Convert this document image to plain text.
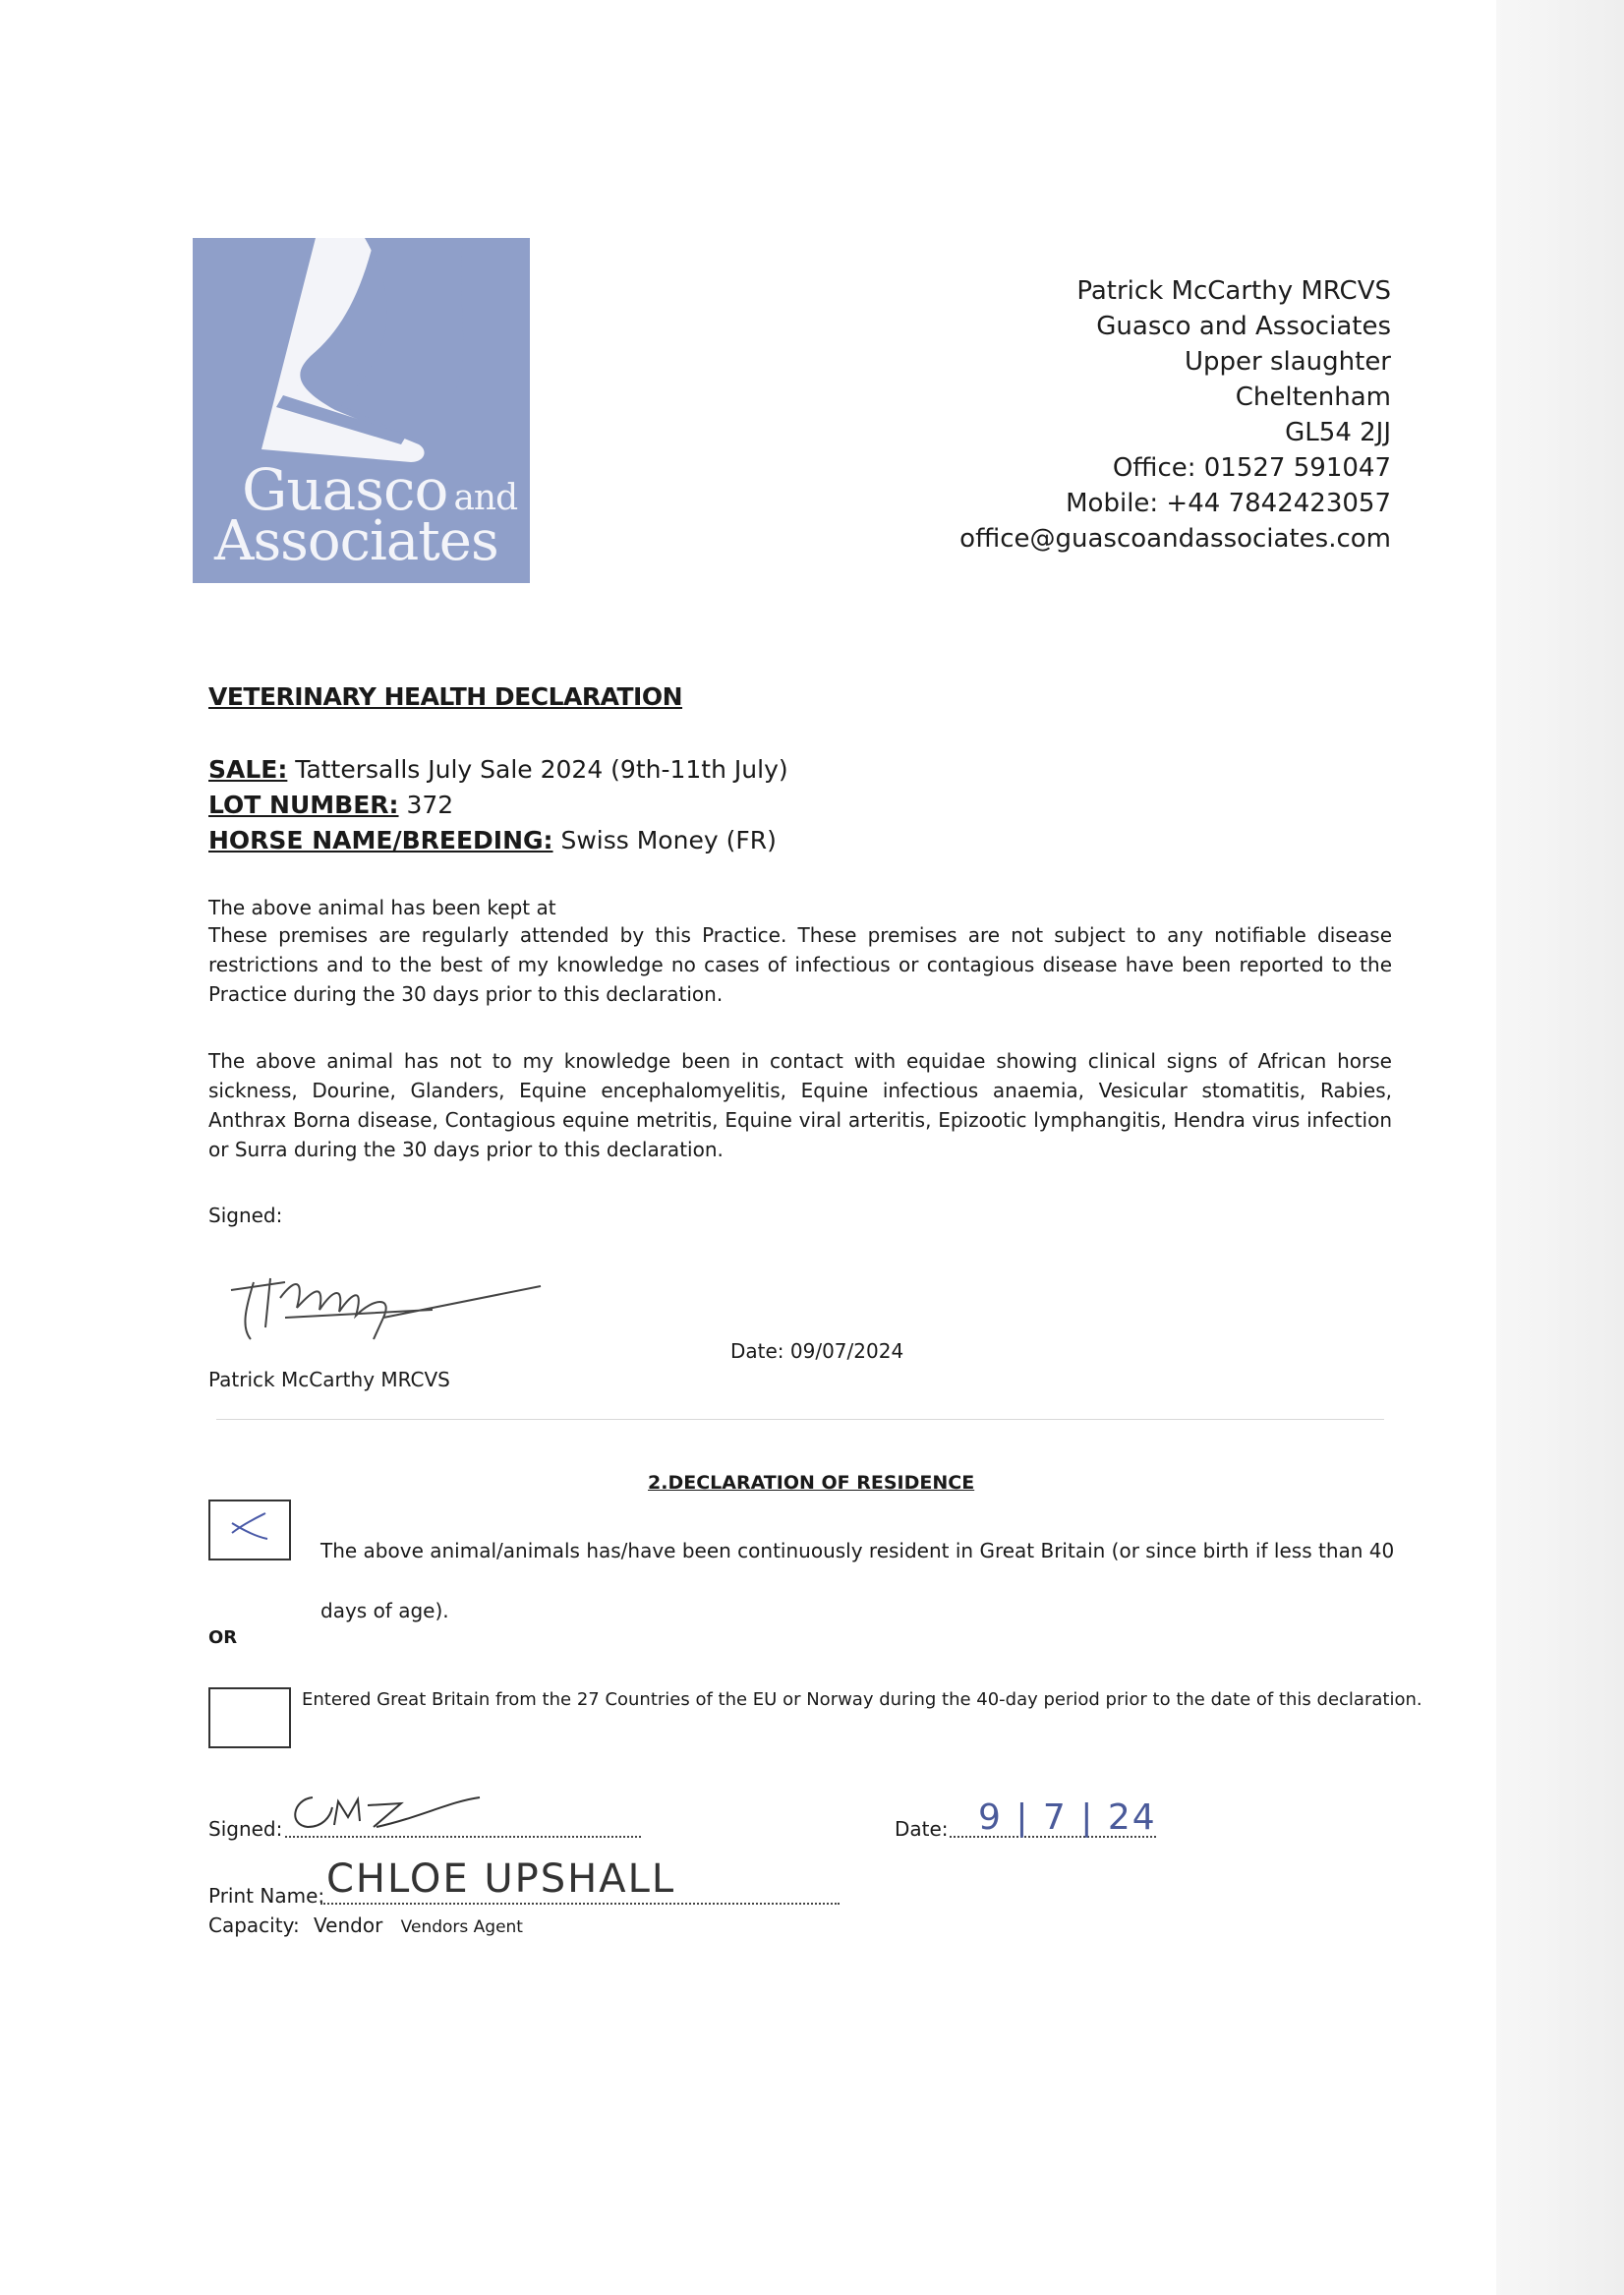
Guasco and
Associates
Patrick McCarthy MRCVS
Guasco and Associates
Upper slaughter
Cheltenham
GL54 2JJ
Office: 01527 591047
Mobile: +44 7842423057
office@guascoandassociates.com
VETERINARY HEALTH DECLARATION
SALE: Tattersalls July Sale 2024 (9th-11th July)
LOT NUMBER: 372
HORSE NAME/BREEDING: Swiss Money (FR)
The above animal has been kept at
These premises are regularly attended by this Practice. These premises are not subject to any notifiable disease restrictions and to the best of my knowledge no cases of infectious or contagious disease have been reported to the Practice during the 30 days prior to this declaration.
The above animal has not to my knowledge been in contact with equidae showing clinical signs of African horse sickness, Dourine, Glanders, Equine encephalomyelitis, Equine infectious anaemia, Vesicular stomatitis, Rabies, Anthrax Borna disease, Contagious equine metritis, Equine viral arteritis, Epizootic lymphangitis, Hendra virus infection or Surra during the 30 days prior to this declaration.
Signed:
Date: 09/07/2024
Patrick McCarthy MRCVS
2.DECLARATION OF RESIDENCE
The above animal/animals has/have been continuously resident in Great Britain (or since birth if less than 40
days of age).
OR
Entered Great Britain from the 27 Countries of the EU or Norway during the 40-day period prior to the date of this declaration.
Signed:	Date: 9 | 7 | 24
Print Name: CHLOE UPSHALL
Capacity: Vendor Vendors Agent
